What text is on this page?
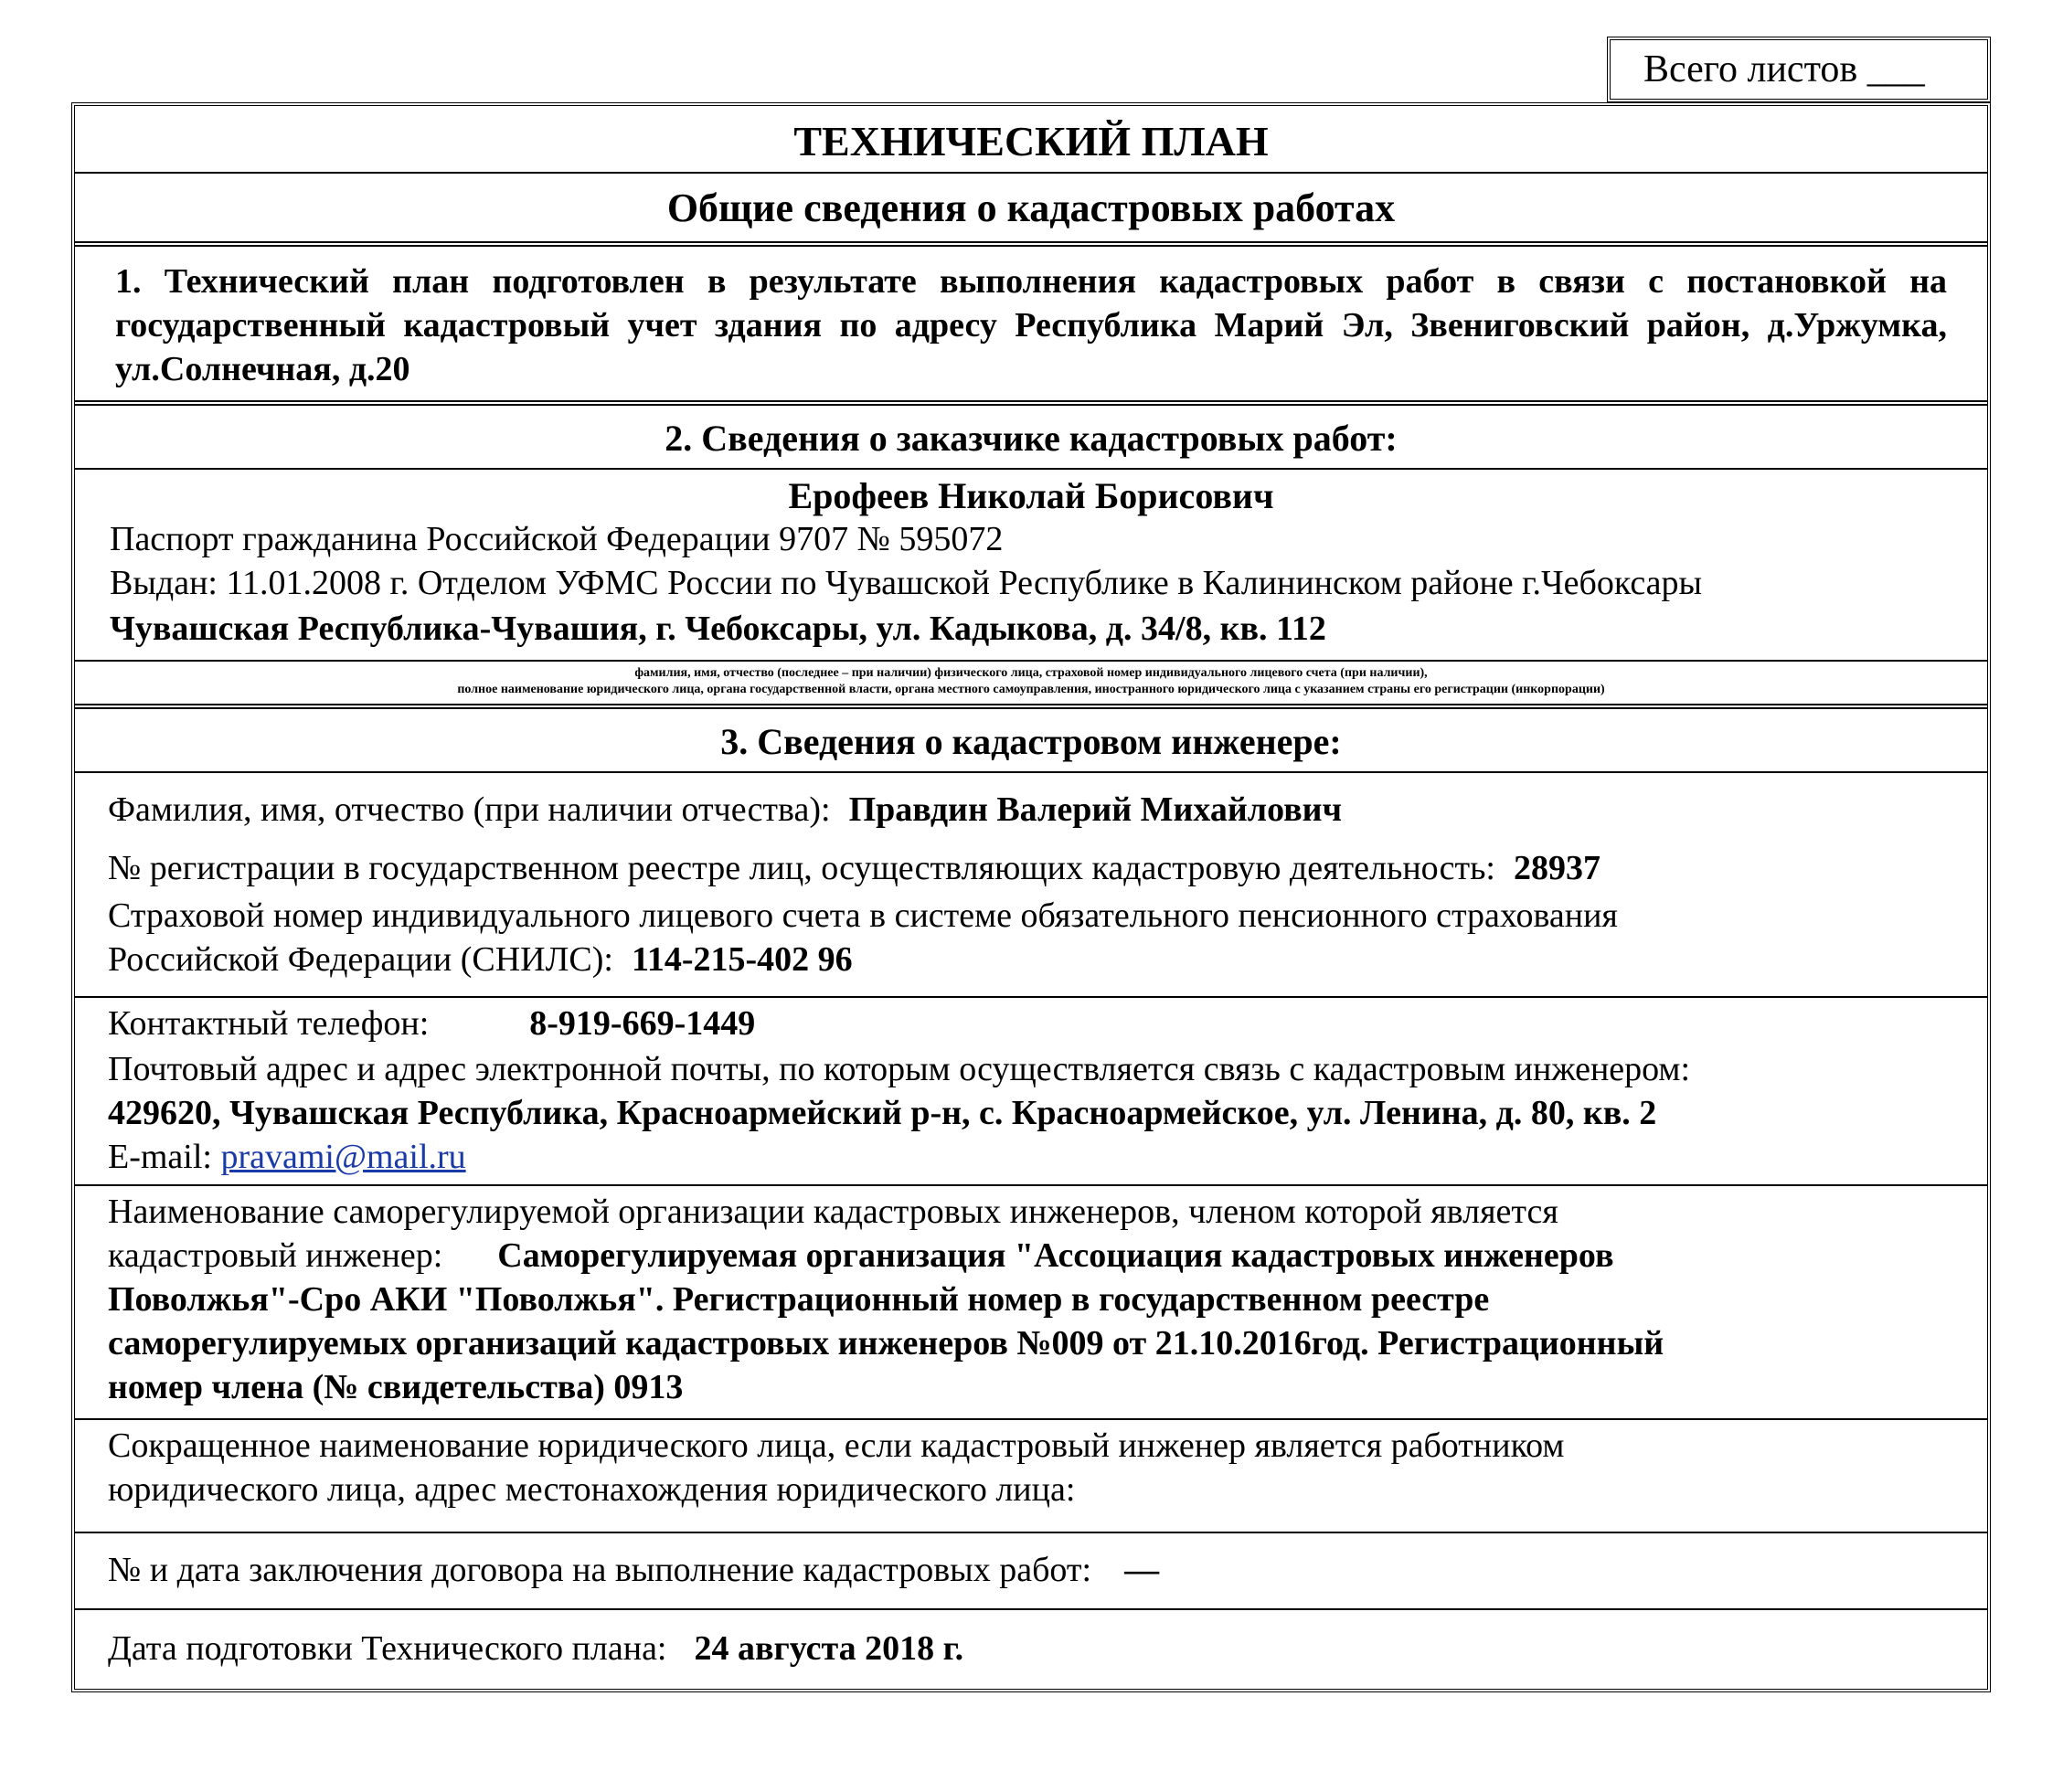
Всего листов ___
ТЕХНИЧЕСКИЙ ПЛАН
Общие сведения о кадастровых работах
1. Технический план подготовлен в результате выполнения кадастровых работ в связи с постановкой на государственный кадастровый учет здания по адресу Республика Марий Эл, Звениговский район, д.Уржумка, ул.Солнечная, д.20
2. Сведения о заказчике кадастровых работ:
Ерофеев Николай Борисович
Паспорт гражданина Российской Федерации 9707 № 595072
Выдан: 11.01.2008 г. Отделом УФМС России по Чувашской Республике в Калининском районе г.Чебоксары
Чувашская Республика-Чувашия, г. Чебоксары, ул. Кадыкова, д. 34/8, кв. 112
фамилия, имя, отчество (последнее – при наличии) физического лица, страховой номер индивидуального лицевого счета (при наличии),
полное наименование юридического лица, органа государственной власти, органа местного самоуправления, иностранного юридического лица с указанием страны его регистрации (инкорпорации)
3. Сведения о кадастровом инженере:
Фамилия, имя, отчество (при наличии отчества): Правдин Валерий Михайлович
№ регистрации в государственном реестре лиц, осуществляющих кадастровую деятельность: 28937
Страховой номер индивидуального лицевого счета в системе обязательного пенсионного страхования
Российской Федерации (СНИЛС): 114-215-402 96
Контактный телефон:	8-919-669-1449
Почтовый адрес и адрес электронной почты, по которым осуществляется связь с кадастровым инженером:
429620, Чувашская Республика, Красноармейский р-н, с. Красноармейское, ул. Ленина, д. 80, кв. 2
E-mail: pravami@mail.ru
Наименование саморегулируемой организации кадастровых инженеров, членом которой является
кадастровый инженер: Саморегулируемая организация "Ассоциация кадастровых инженеров
Поволжья"-Сро АКИ "Поволжья". Регистрационный номер в государственном реестре
саморегулируемых организаций кадастровых инженеров №009 от 21.10.2016год. Регистрационный
номер члена (№ свидетельства) 0913
Сокращенное наименование юридического лица, если кадастровый инженер является работником
юридического лица, адрес местонахождения юридического лица:
№ и дата заключения договора на выполнение кадастровых работ: —
Дата подготовки Технического плана: 24 августа 2018 г.
